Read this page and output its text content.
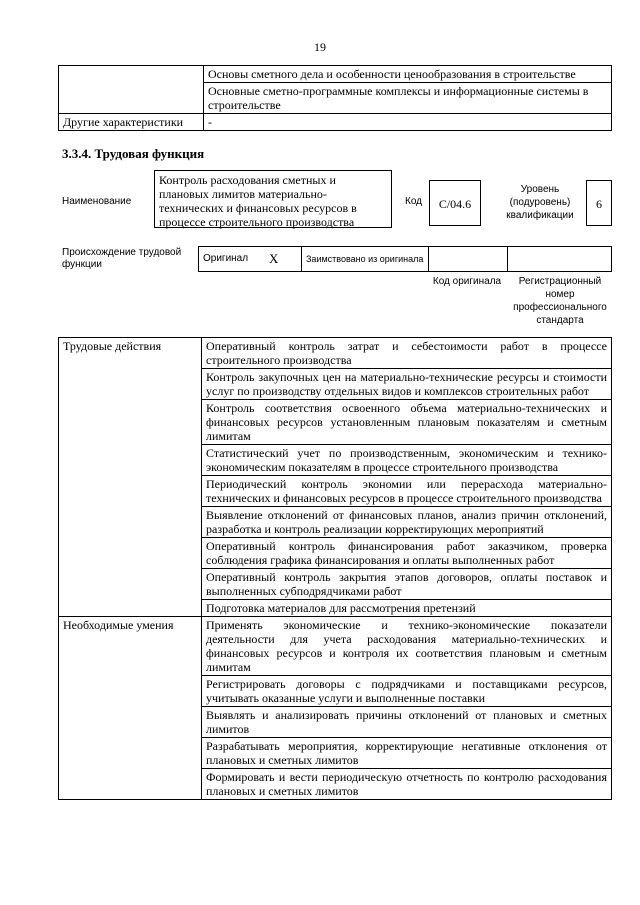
19
	Основы сметного дела и особенности ценообразования в строительстве
	Основные сметно-программные комплексы и информационные системы в строительстве
Другие характеристики	-
3.3.4. Трудовая функция
Наименование
Контроль расходования сметных и плановых лимитов материально-технических и финансовых ресурсов в процессе строительного производства
Код	C/04.6
Уровень (подуровень) квалификации
6
Происхождение трудовой функции
Оригинал	X	Заимствовано из оригинала		
Код оригинала	Регистрационный номер профессионального стандарта
Трудовые действия	Оперативный контроль затрат и себестоимости работ в процессе строительного производства
	Контроль закупочных цен на материально-технические ресурсы и стоимости услуг по производству отдельных видов и комплексов строительных работ
	Контроль соответствия освоенного объема материально-технических и финансовых ресурсов установленным плановым показателям и сметным лимитам
	Статистический учет по производственным, экономическим и технико-экономическим показателям в процессе строительного производства
	Периодический контроль экономии или перерасхода материально-технических и финансовых ресурсов в процессе строительного производства
	Выявление отклонений от финансовых планов, анализ причин отклонений, разработка и контроль реализации корректирующих мероприятий
	Оперативный контроль финансирования работ заказчиком, проверка соблюдения графика финансирования и оплаты выполненных работ
	Оперативный контроль закрытия этапов договоров, оплаты поставок и выполненных субподрядчиками работ
	Подготовка материалов для рассмотрения претензий
Необходимые умения	Применять экономические и технико-экономические показатели деятельности для учета расходования материально-технических и финансовых ресурсов и контроля их соответствия плановым и сметным лимитам
	Регистрировать договоры с подрядчиками и поставщиками ресурсов, учитывать оказанные услуги и выполненные поставки
	Выявлять и анализировать причины отклонений от плановых и сметных лимитов
	Разрабатывать мероприятия, корректирующие негативные отклонения от плановых и сметных лимитов
	Формировать и вести периодическую отчетность по контролю расходования плановых и сметных лимитов
